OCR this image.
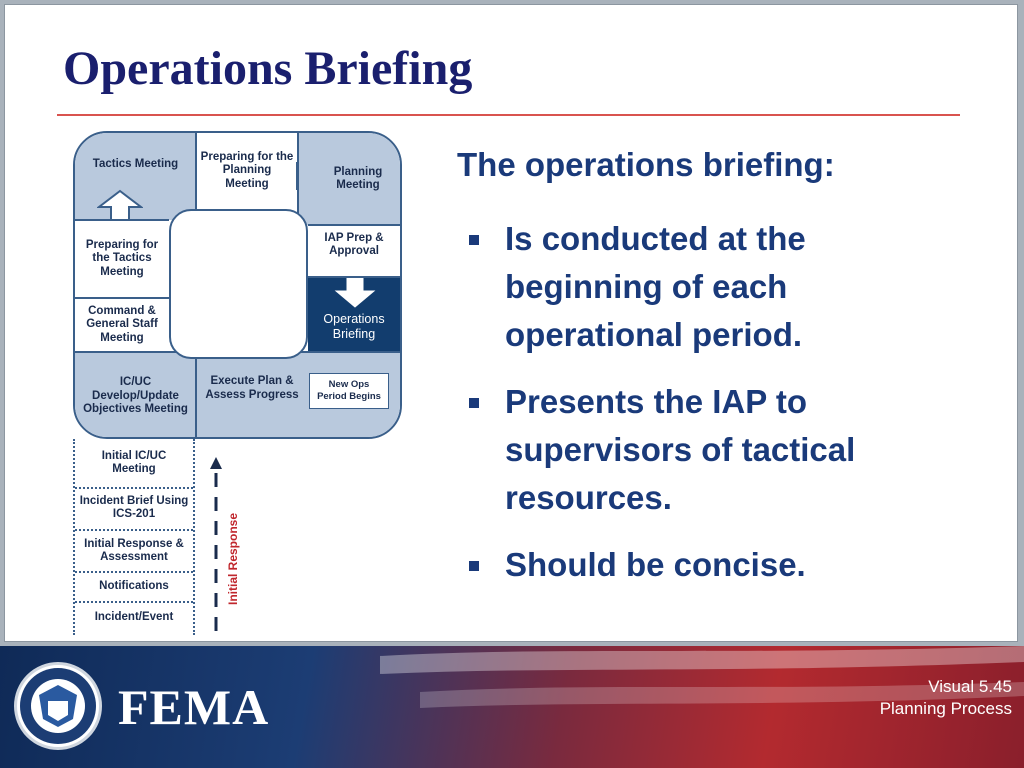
Operations Briefing
Tactics Meeting
Preparing for the Planning Meeting
Planning Meeting
Preparing for the Tactics Meeting
IAP Prep & Approval
Command & General Staff Meeting
Operations Briefing
IC/UC Develop/Update Objectives Meeting
Execute Plan & Assess Progress
New Ops Period Begins
Initial IC/UC Meeting
Incident Brief Using ICS-201
Initial Response & Assessment
Notifications
Incident/Event
Initial Response

The operations briefing:

Is conducted at the beginning of each operational period.
Presents the IAP to supervisors of tactical resources.
Should be concise.
FEMA	Visual 5.45
Planning Process
